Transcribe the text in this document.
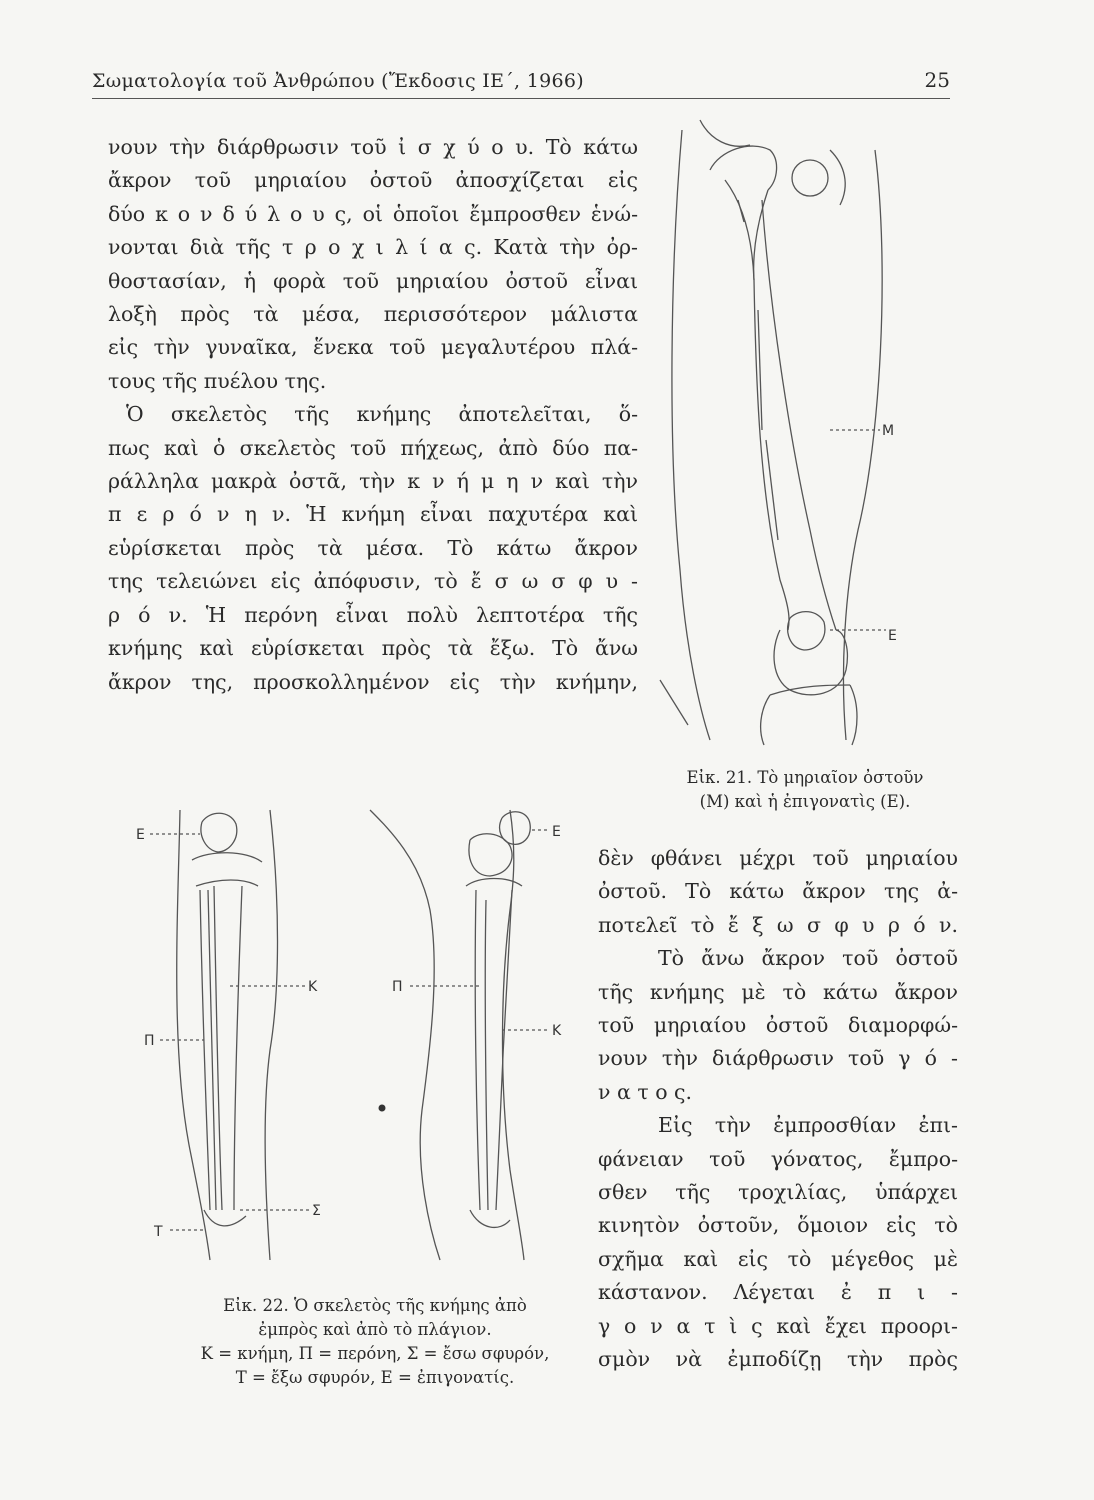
Σωματολογία τοῦ Ἀνθρώπου (Ἔκδοσις ΙΕ΄, 1966)	25
νουν τὴν διάρθρωσιν τοῦ ἰ σ χ ύ ο υ. Τὸ κάτω
ἄκρον τοῦ μηριαίου ὀστοῦ ἀποσχίζεται εἰς
δύο κ ο ν δ ύ λ ο υ ς, οἱ ὁποῖοι ἔμπροσθεν ἑνώ-
νονται διὰ τῆς τ ρ ο χ ι λ ί α ς. Κατὰ τὴν ὀρ-
θοστασίαν, ἡ φορὰ τοῦ μηριαίου ὀστοῦ εἶναι
λοξὴ πρὸς τὰ μέσα, περισσότερον μάλιστα
εἰς τὴν γυναῖκα, ἕνεκα τοῦ μεγαλυτέρου πλά-
τους τῆς πυέλου της.
Ὁ σκελετὸς τῆς κνήμης ἀποτελεῖται, ὅ-
πως καὶ ὁ σκελετὸς τοῦ πήχεως, ἀπὸ δύο πα-
ράλληλα μακρὰ ὀστᾶ, τὴν κ ν ή μ η ν καὶ τὴν
π ε ρ ό ν η ν. Ἡ κνήμη εἶναι παχυτέρα καὶ
εὑρίσκεται πρὸς τὰ μέσα. Τὸ κάτω ἄκρον
της τελειώνει εἰς ἀπόφυσιν, τὸ ἔ σ ω σ φ υ -
ρ ό ν. Ἡ περόνη εἶναι πολὺ λεπτοτέρα τῆς
κνήμης καὶ εὑρίσκεται πρὸς τὰ ἔξω. Τὸ ἄνω
ἄκρον της, προσκολλημένον εἰς τὴν κνήμην,
Μ
Ε
Εἰκ. 21. Τὸ μηριαῖον ὀστοῦν
(Μ) καὶ ἡ ἐπιγονατὶς (Ε).
δὲν φθάνει μέχρι τοῦ μηριαίου
ὀστοῦ. Τὸ κάτω ἄκρον της ἀ-
ποτελεῖ τὸ ἔ ξ ω σ φ υ ρ ό ν.
Τὸ ἄνω ἄκρον τοῦ ὀστοῦ
τῆς κνήμης μὲ τὸ κάτω ἄκρον
τοῦ μηριαίου ὀστοῦ διαμορφώ-
νουν τὴν διάρθρωσιν τοῦ γ ό -
ν α τ ο ς.
Εἰς τὴν ἐμπροσθίαν ἐπι-
φάνειαν τοῦ γόνατος, ἔμπρο-
σθεν τῆς τροχιλίας, ὑπάρχει
κινητὸν ὀστοῦν, ὅμοιον εἰς τὸ
σχῆμα καὶ εἰς τὸ μέγεθος μὲ
κάστανον. Λέγεται ἐ π ι -
γ ο ν α τ ὶ ς καὶ ἔχει προορι-
σμὸν νὰ ἐμποδίζῃ τὴν πρὸς
Ε
Κ
Π
Σ
Τ
Π
Ε
Κ
Εἰκ. 22. Ὁ σκελετὸς τῆς κνήμης ἀπὸ
ἐμπρὸς καὶ ἀπὸ τὸ πλάγιον.
Κ = κνήμη, Π = περόνη, Σ = ἔσω σφυρόν,
Τ = ἔξω σφυρόν, Ε = ἐπιγονατίς.
